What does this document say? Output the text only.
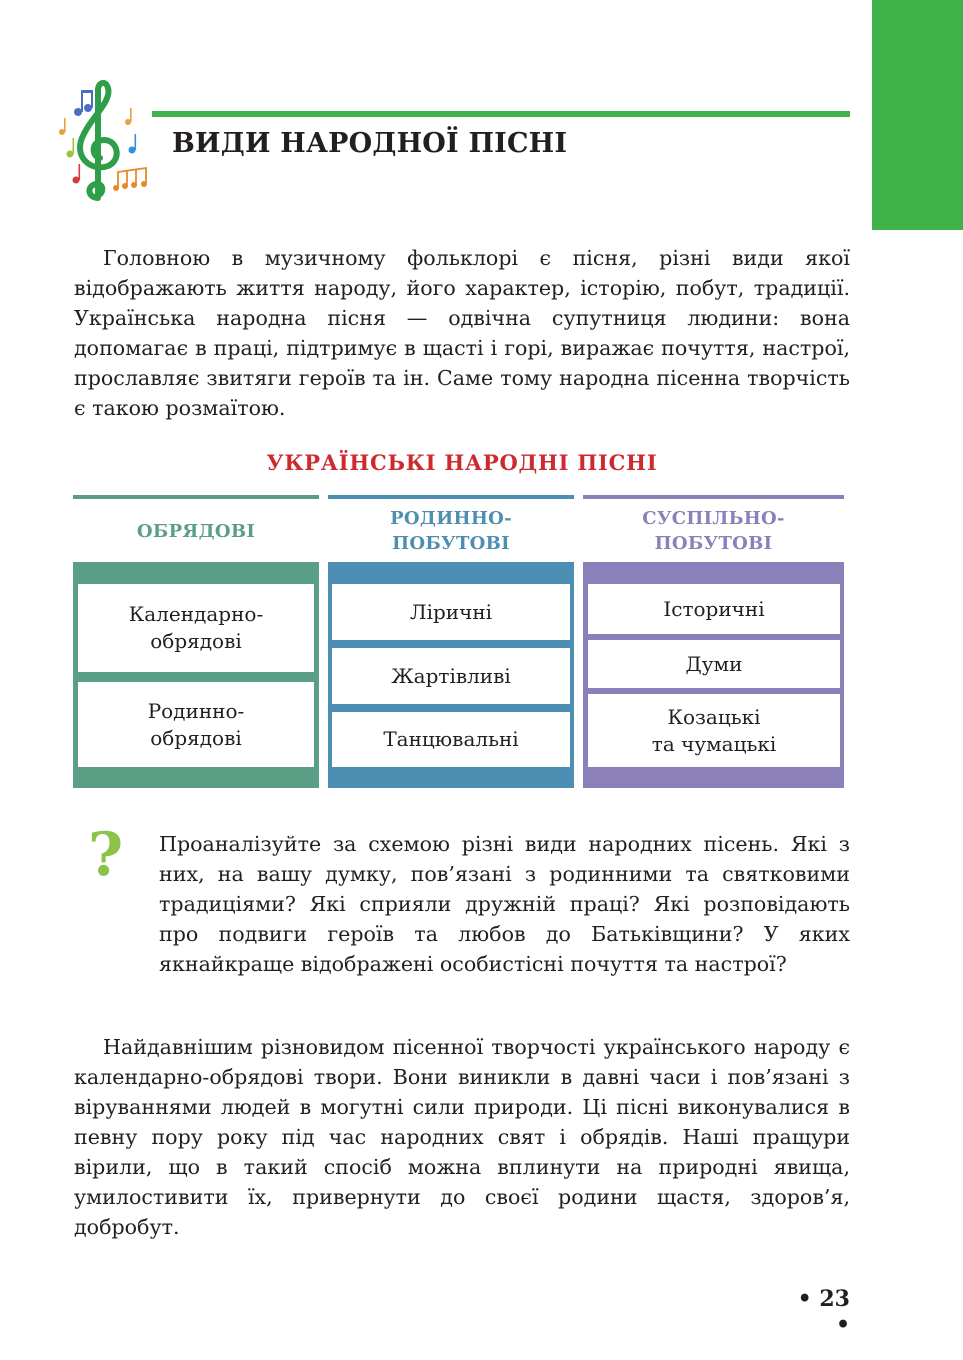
ВИДИ НАРОДНОЇ ПІСНІ

Головною в музичному фольклорі є пісня, різні види якої відображають життя народу, його характер, історію, побут, традиції. Українська народна пісня — одвічна супутниця людини: вона допомагає в праці, підтримує в щасті і горі, виражає почуття, настрої, прославляє звитяги героїв та ін. Саме тому народна пісенна творчість є такою розмаїтою.

УКРАЇНСЬКІ НАРОДНІ ПІСНІ
ОБРЯДОВІ
Календарно-
обрядові
Родинно-
обрядові
РОДИННО-
ПОБУТОВІ
Ліричні
Жартівливі
Танцювальні
СУСПІЛЬНО-
ПОБУТОВІ
Історичні
Думи
Козацькі
та чумацькі
? Проаналізуйте за схемою різні види народних пісень. Які з них, на вашу думку, пов’язані з родинними та святковими традиціями? Які сприяли дружній праці? Які розповідають про подвиги героїв та любов до Батьківщини? У яких якнайкраще відображені особистісні почуття та настрої?

Найдавнішим різновидом пісенної творчості українського народу є календарно-обрядові твори. Вони виникли в давні часи і пов’язані з віруваннями людей в могутні сили природи. Ці пісні виконувалися в певну пору року під час народних свят і обрядів. Наші пращури вірили, що в такий спосіб можна вплинути на природні явища, умилостивити їх, привернути до своєї родини щастя, здоров’я, добробут.

• 23 •
